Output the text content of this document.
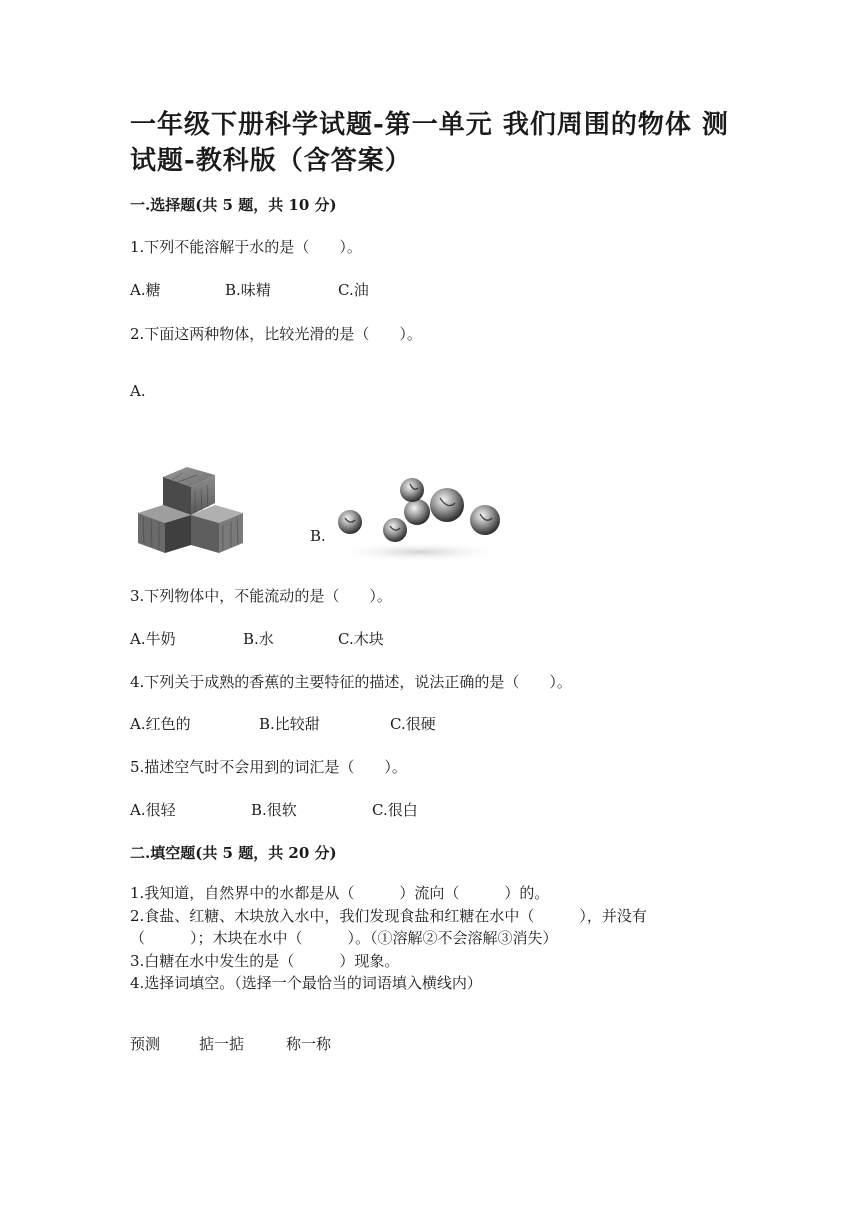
一年级下册科学试题-第一单元 我们周围的物体 测
试题-教科版（含答案）
一.选择题(共 5 题，共 10 分)
1.下列不能溶解于水的是（　　）。
A.糖	B.味精	C.油
2.下面这两种物体，比较光滑的是（　　）。
A.
B.
3.下列物体中，不能流动的是（　　）。
A.牛奶	B.水	C.木块
4.下列关于成熟的香蕉的主要特征的描述，说法正确的是（　　）。
A.红色的	B.比较甜	C.很硬
5.描述空气时不会用到的词汇是（　　）。
A.很轻	B.很软	C.很白
二.填空题(共 5 题，共 20 分)
1.我知道，自然界中的水都是从（　　　）流向（　　　）的。
2.食盐、红糖、木块放入水中，我们发现食盐和红糖在水中（　　　），并没有（　　　）；木块在水中（　　　）。（①溶解②不会溶解③消失）
3.白糖在水中发生的是（　　　）现象。
4.选择词填空。（选择一个最恰当的词语填入横线内）
预测	掂一掂	称一称
